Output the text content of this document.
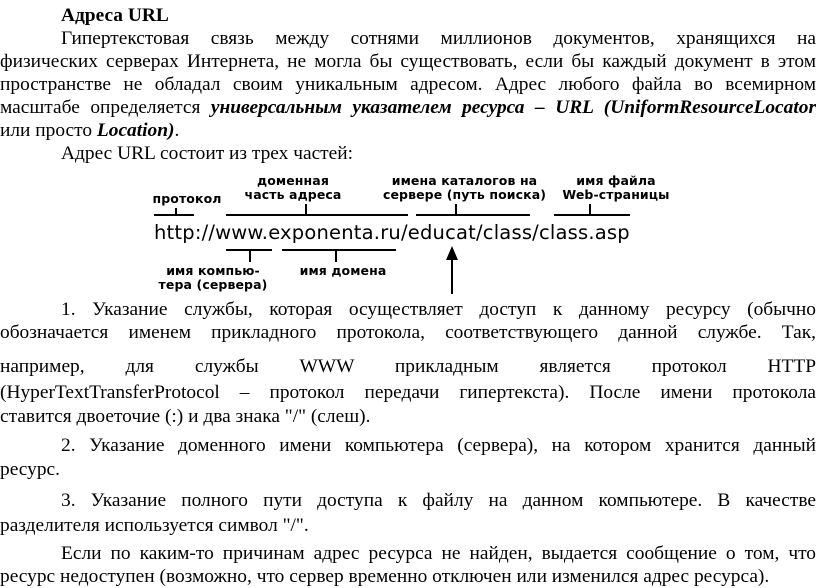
Адреса URL
Гипертекстовая связь между сотнями миллионов документов, хранящихся на
физических серверах Интернета, не могла бы существовать, если бы каждый документ в этом
пространстве не обладал своим уникальным адресом. Адрес любого файла во всемирном
масштабе определяется универсальным указателем ресурса – URL (UniformResourceLocator
или просто Location).
Адрес URL состоит из трех частей:
протокол
доменная
часть адреса
имена каталогов на
сервере (путь поиска)
имя файла
Web-страницы
http://www.exponenta.ru/educat/class/class.asp
имя компью-
тера (сервера)
имя домена
1. Указание службы, которая осуществляет доступ к данному ресурсу (обычно
обозначается именем прикладного протокола, соответствующего данной службе. Так,
например, для службы WWW прикладным является протокол HTTP
(HyperTextTransferProtocol – протокол передачи гипертекста). После имени протокола
ставится двоеточие (:) и два знака "/" (слеш).
2. Указание доменного имени компьютера (сервера), на котором хранится данный
ресурс.
3. Указание полного пути доступа к файлу на данном компьютере. В качестве
разделителя используется символ "/".
Если по каким-то причинам адрес ресурса не найден, выдается сообщение о том, что
ресурс недоступен (возможно, что сервер временно отключен или изменился адрес ресурса).
